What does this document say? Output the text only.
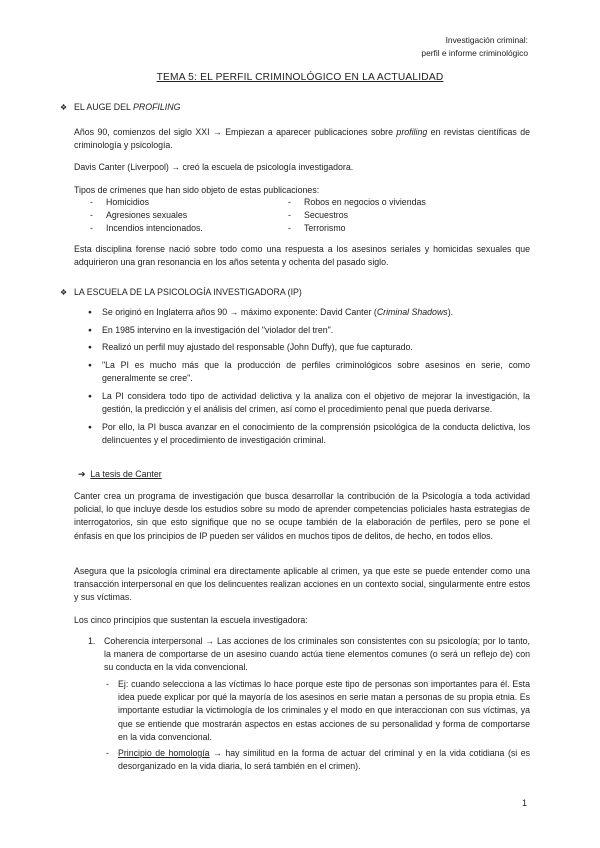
Investigación criminal:
perfil e informe criminológico
TEMA 5: EL PERFIL CRIMINOLÓGICO EN LA ACTUALIDAD
❖ EL AUGE DEL PROFILING
Años 90, comienzos del siglo XXI → Empiezan a aparecer publicaciones sobre profiling en revistas científicas de criminología y psicología.
Davis Canter (Liverpool) → creó la escuela de psicología investigadora.
Tipos de crímenes que han sido objeto de estas publicaciones:
- Homicidios
- Agresiones sexuales
- Incendios intencionados.
- Robos en negocios o viviendas
- Secuestros
- Terrorismo
Esta disciplina forense nació sobre todo como una respuesta a los asesinos seriales y homicidas sexuales que adquirieron una gran resonancia en los años setenta y ochenta del pasado siglo.
❖ LA ESCUELA DE LA PSICOLOGÍA INVESTIGADORA (IP)
● Se originó en Inglaterra años 90 → máximo exponente: David Canter (Criminal Shadows).
● En 1985 intervino en la investigación del "violador del tren".
● Realizó un perfil muy ajustado del responsable (John Duffy), que fue capturado.
● "La PI es mucho más que la producción de perfiles criminológicos sobre asesinos en serie, como generalmente se cree".
● La PI considera todo tipo de actividad delictiva y la analiza con el objetivo de mejorar la investigación, la gestión, la predicción y el análisis del crimen, así como el procedimiento penal que pueda derivarse.
● Por ello, la PI busca avanzar en el conocimiento de la comprensión psicológica de la conducta delictiva, los delincuentes y el procedimiento de investigación criminal.
➔ La tesis de Canter
Canter crea un programa de investigación que busca desarrollar la contribución de la Psicología a toda actividad policial, lo que incluye desde los estudios sobre su modo de aprender competencias policiales hasta estrategias de interrogatorios, sin que esto signifique que no se ocupe también de la elaboración de perfiles, pero se pone el énfasis en que los principios de IP pueden ser válidos en muchos tipos de delitos, de hecho, en todos ellos.
Asegura que la psicología criminal era directamente aplicable al crimen, ya que este se puede entender como una transacción interpersonal en que los delincuentes realizan acciones en un contexto social, singularmente entre estos y sus víctimas.
Los cinco principios que sustentan la escuela investigadora:
1. Coherencia interpersonal → Las acciones de los criminales son consistentes con su psicología; por lo tanto, la manera de comportarse de un asesino cuando actúa tiene elementos comunes (o será un reflejo de) con su conducta en la vida convencional.
- Ej: cuando selecciona a las víctimas lo hace porque este tipo de personas son importantes para él. Esta idea puede explicar por qué la mayoría de los asesinos en serie matan a personas de su propia etnia. Es importante estudiar la victimología de los criminales y el modo en que interaccionan con sus víctimas, ya que se entiende que mostrarán aspectos en estas acciones de su personalidad y forma de comportarse en la vida convencional.
- Principio de homología → hay similitud en la forma de actuar del criminal y en la vida cotidiana (si es desorganizado en la vida diaria, lo será también en el crimen).
1
